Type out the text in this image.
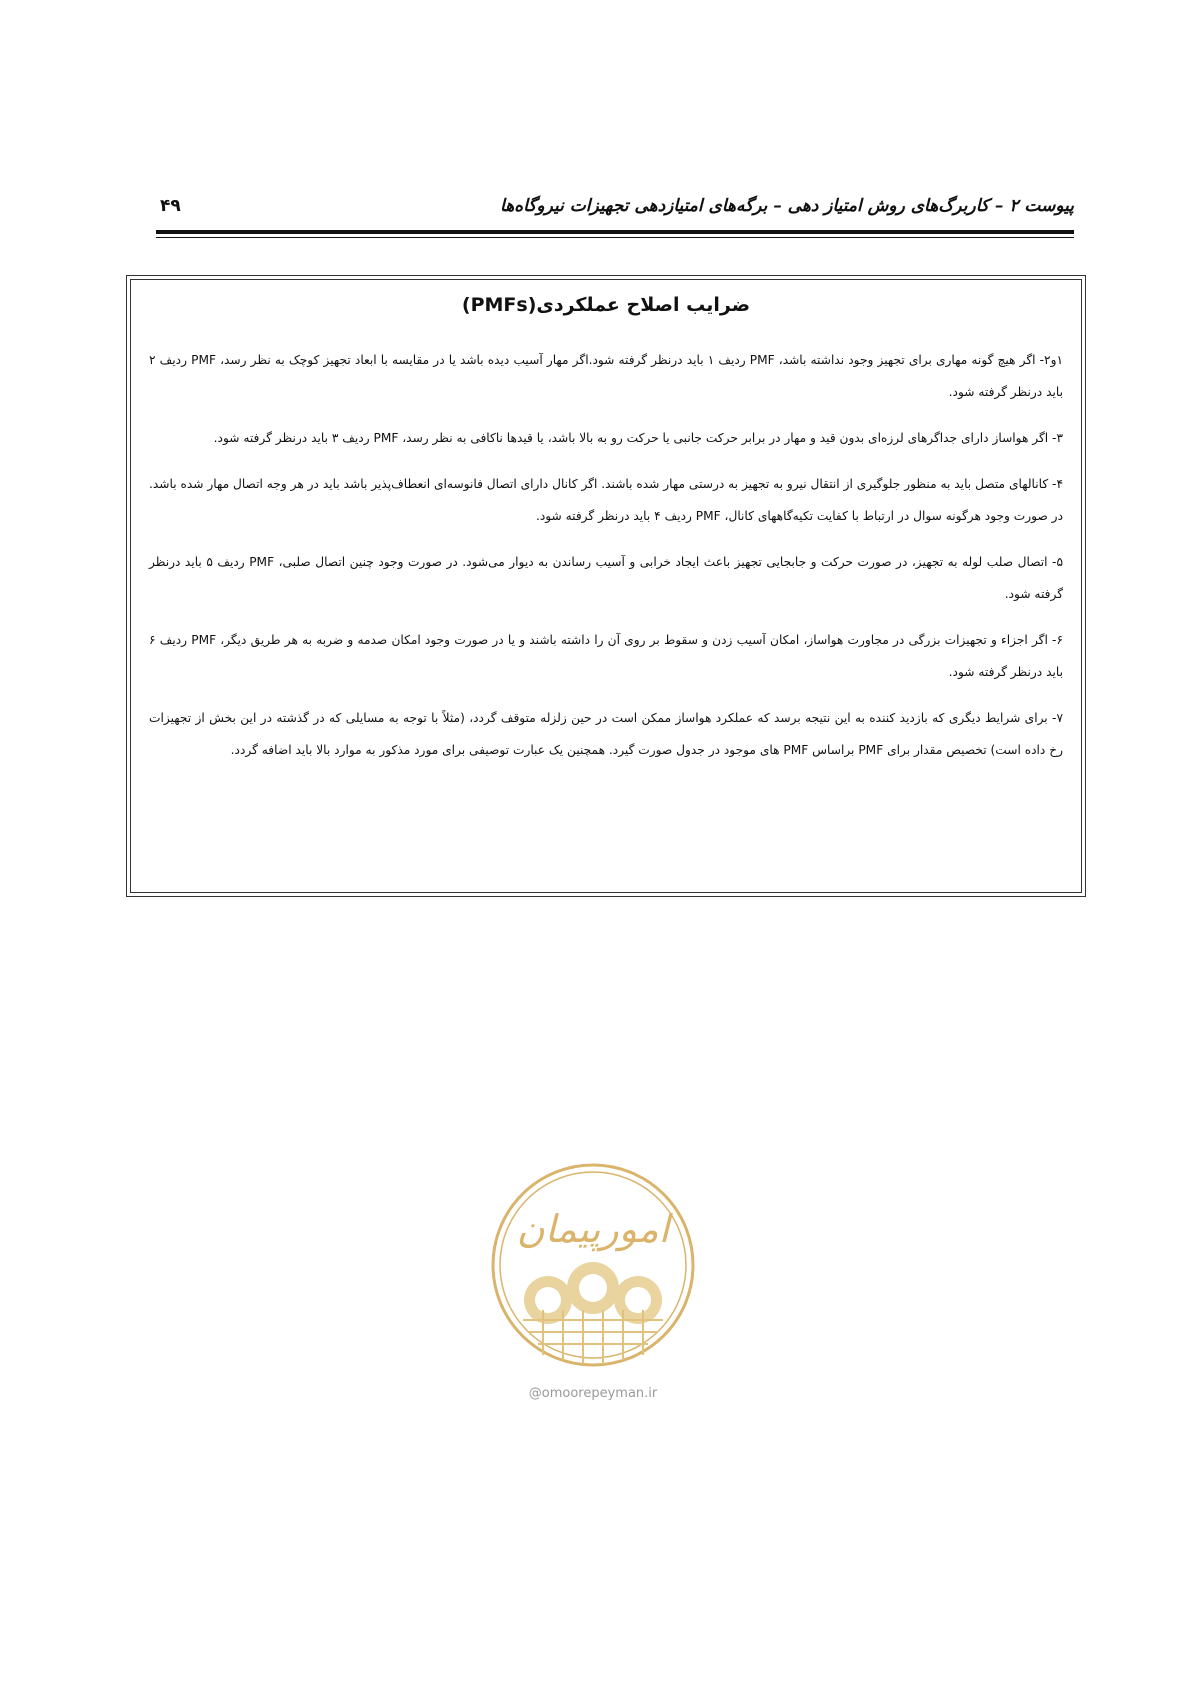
پیوست ۲ – کاربرگ‌های روش امتیاز دهی – برگه‌های امتیازدهی تجهیزات نیروگاه‌ها
۴۹
ضرایب اصلاح عملکردی(PMFs)

۱و۲- اگر هیچ گونه مهاری برای تجهیز وجود نداشته باشد، PMF ردیف ۱ باید درنظر گرفته شود.اگر مهار آسیب دیده باشد یا در مقایسه با ابعاد تجهیز کوچک به نظر رسد، PMF ردیف ۲ باید درنظر گرفته شود.

۳- اگر هواساز دارای جداگرهای لرزه‌ای بدون قید و مهار در برابر حرکت جانبی یا حرکت رو به بالا باشد، یا قیدها ناکافی به نظر رسد، PMF ردیف ۳ باید درنظر گرفته شود.

۴- کانالهای متصل باید به منظور جلوگیری از انتقال نیرو به تجهیز به درستی مهار شده باشند. اگر کانال دارای اتصال فانوسه‌ای انعطاف‌پذیر باشد باید در هر وجه اتصال مهار شده باشد. در صورت وجود هرگونه سوال در ارتباط با کفایت تکیه‌گاههای کانال، PMF ردیف ۴ باید درنظر گرفته شود.

۵- اتصال صلب لوله به تجهیز، در صورت حرکت و جابجایی تجهیز باعث ایجاد خرابی و آسیب رساندن به دیوار می‌شود. در صورت وجود چنین اتصال صلبی، PMF ردیف ۵ باید درنظر گرفته شود.

۶- اگر اجزاء و تجهیزات بزرگی در مجاورت هواساز، امکان آسیب زدن و سقوط بر روی آن را داشته باشند و یا در صورت وجود امکان صدمه و ضربه به هر طریق دیگر، PMF ردیف ۶ باید درنظر گرفته شود.

۷- برای شرایط دیگری که بازدید کننده به این نتیجه برسد که عملکرد هواساز ممکن است در حین زلزله متوقف گردد، (مثلاً با توجه به مسایلی که در گذشته در این بخش از تجهیزات رخ داده است) تخصیص مقدار برای PMF براساس PMF های موجود در جدول صورت گیرد. همچنین یک عبارت توصیفی برای مورد مذکور به موارد بالا باید اضافه گردد.

امورپیمان
@omoorepeyman.ir
